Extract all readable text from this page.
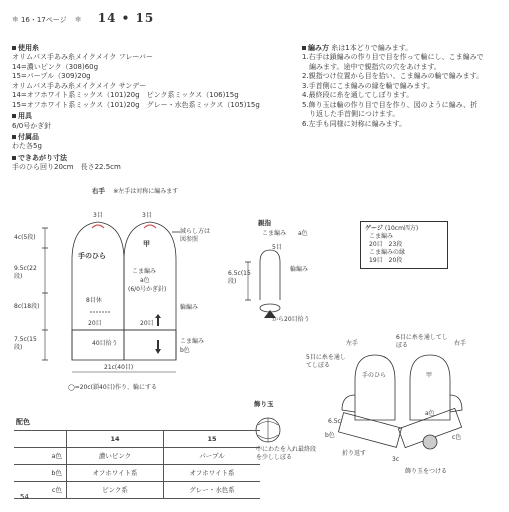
❄ 16・17ページ ❄ 14 • 15
使用糸
オリムパス手あみ糸メイクメイク フレーバー
14=濃いピンク（308)60g
15=パープル（309)20g
オリムパス手あみ糸メイクメイク サンデー
14=オフホワイト系ミックス（101)20g　ピンク系ミックス（106)15g
15=オフホワイト系ミックス（101)20g　グレー・水色系ミックス（105)15g
用具
6/0号かぎ針
付属品
わた各5g
できあがり寸法
手のひら回り20cm　長さ22.5cm
編み方 糸は1本どりで編みます。
1.右手は鎖編みの作り目で目を作って輪にし、こま編みで
　編みます。途中で親指穴の穴をあけます。
2.親指つけ位置から目を拾い、こま編みの輪で編みます。
3.手首側にこま編みの縁を輪で編みます。
4.最終段に糸を通してしぼります。
5.飾り玉は輪の作り目で目を作り、図のように編み、折
　り返した手首側につけます。
6.左手も同様に対称に編みます。
右手 ※左手は対称に編みます
3目	3目
減らし方は図参照
手のひら
甲
こま編み
a色
(6/0号かぎ針)
8目休
輪編み
20目	20目
こま編み
b色
40目拾う
21c(40目)
◯=20c(鎖40目)作り、輪にする
4c(5段)
9.5c(22段)
8c(18段)
7.5c(15段)
親指
こま編み a色
5目
輪編み
6.5c(15段)
から20目拾う
ゲージ (10cm四方)
こま編み
20目　23段
こま編みの縁
19目　20段
左手	右手
5目に糸を通してしぼる
6目に糸を通してしぼる
手のひら	甲
a色
6.5c
b色	c色
折り返す
3c
飾り玉をつける
飾り玉
中にわたを入れ最終段を少ししぼる
配色
	14	15
a色	濃いピンク	パープル
b色	オフホワイト系	オフホワイト系
c色	ピンク系	グレー・水色系
54
